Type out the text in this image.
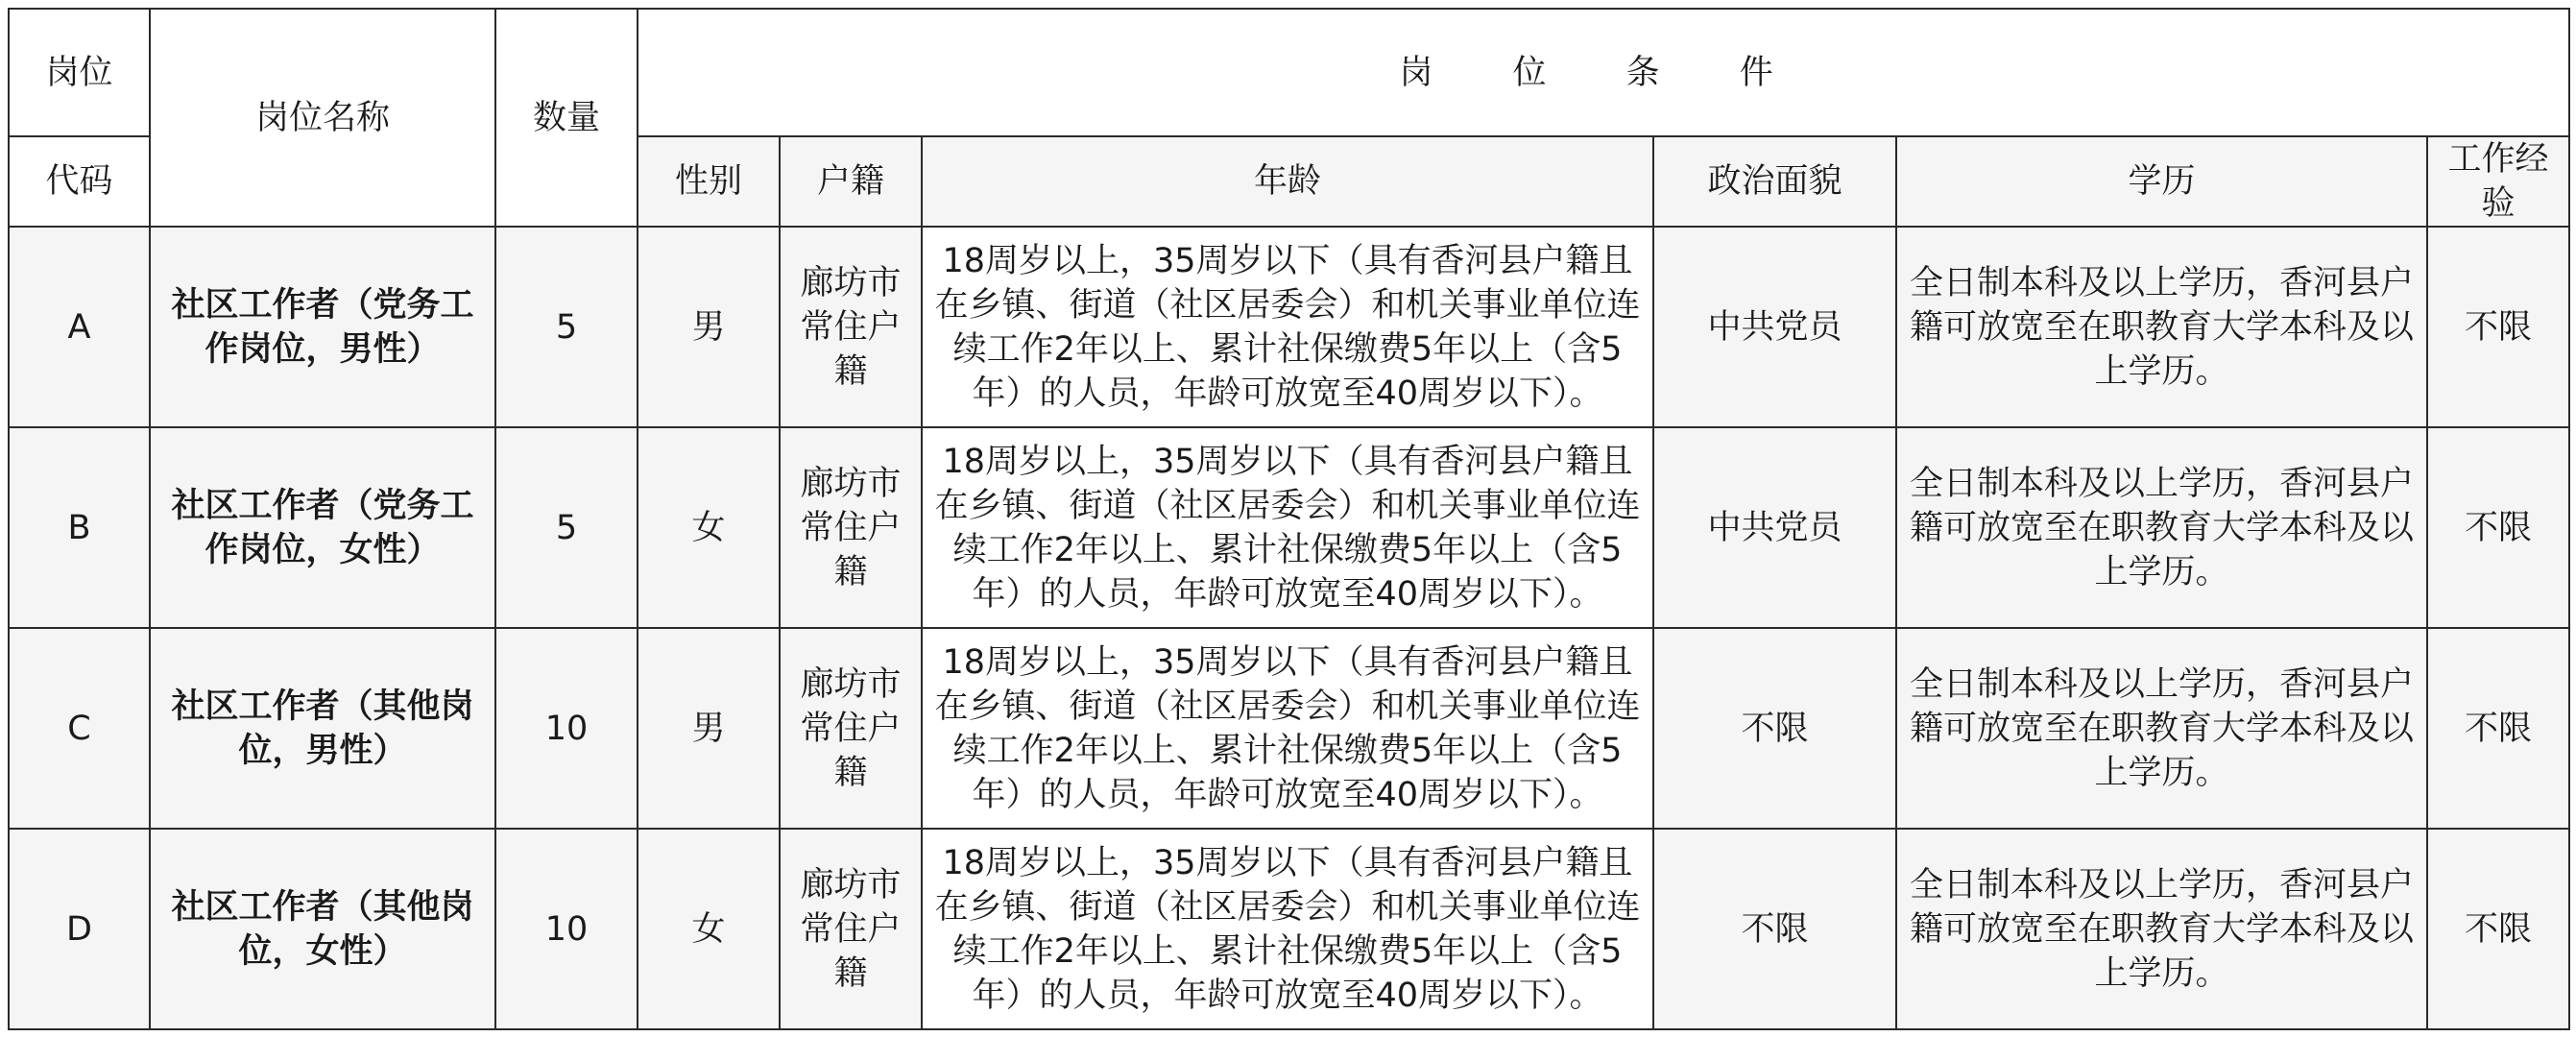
岗位	岗位名称	数量	岗 位 条 件					
代码			性别	户籍	年龄	政治面貌	学历	工作经验
A	社区工作者（党务工作岗位，男性）	5	男	廊坊市常住户籍	18周岁以上，35周岁以下（具有香河县户籍且在乡镇、街道（社区居委会）和机关事业单位连续工作2年以上、累计社保缴费5年以上（含5年）的人员，年龄可放宽至40周岁以下）。	中共党员	全日制本科及以上学历，香河县户籍可放宽至在职教育大学本科及以上学历。	不限
B	社区工作者（党务工作岗位，女性）	5	女	廊坊市常住户籍	18周岁以上，35周岁以下（具有香河县户籍且在乡镇、街道（社区居委会）和机关事业单位连续工作2年以上、累计社保缴费5年以上（含5年）的人员，年龄可放宽至40周岁以下）。	中共党员	全日制本科及以上学历，香河县户籍可放宽至在职教育大学本科及以上学历。	不限
C	社区工作者（其他岗位，男性）	10	男	廊坊市常住户籍	18周岁以上，35周岁以下（具有香河县户籍且在乡镇、街道（社区居委会）和机关事业单位连续工作2年以上、累计社保缴费5年以上（含5年）的人员，年龄可放宽至40周岁以下）。	不限	全日制本科及以上学历，香河县户籍可放宽至在职教育大学本科及以上学历。	不限
D	社区工作者（其他岗位，女性）	10	女	廊坊市常住户籍	18周岁以上，35周岁以下（具有香河县户籍且在乡镇、街道（社区居委会）和机关事业单位连续工作2年以上、累计社保缴费5年以上（含5年）的人员，年龄可放宽至40周岁以下）。	不限	全日制本科及以上学历，香河县户籍可放宽至在职教育大学本科及以上学历。	不限
